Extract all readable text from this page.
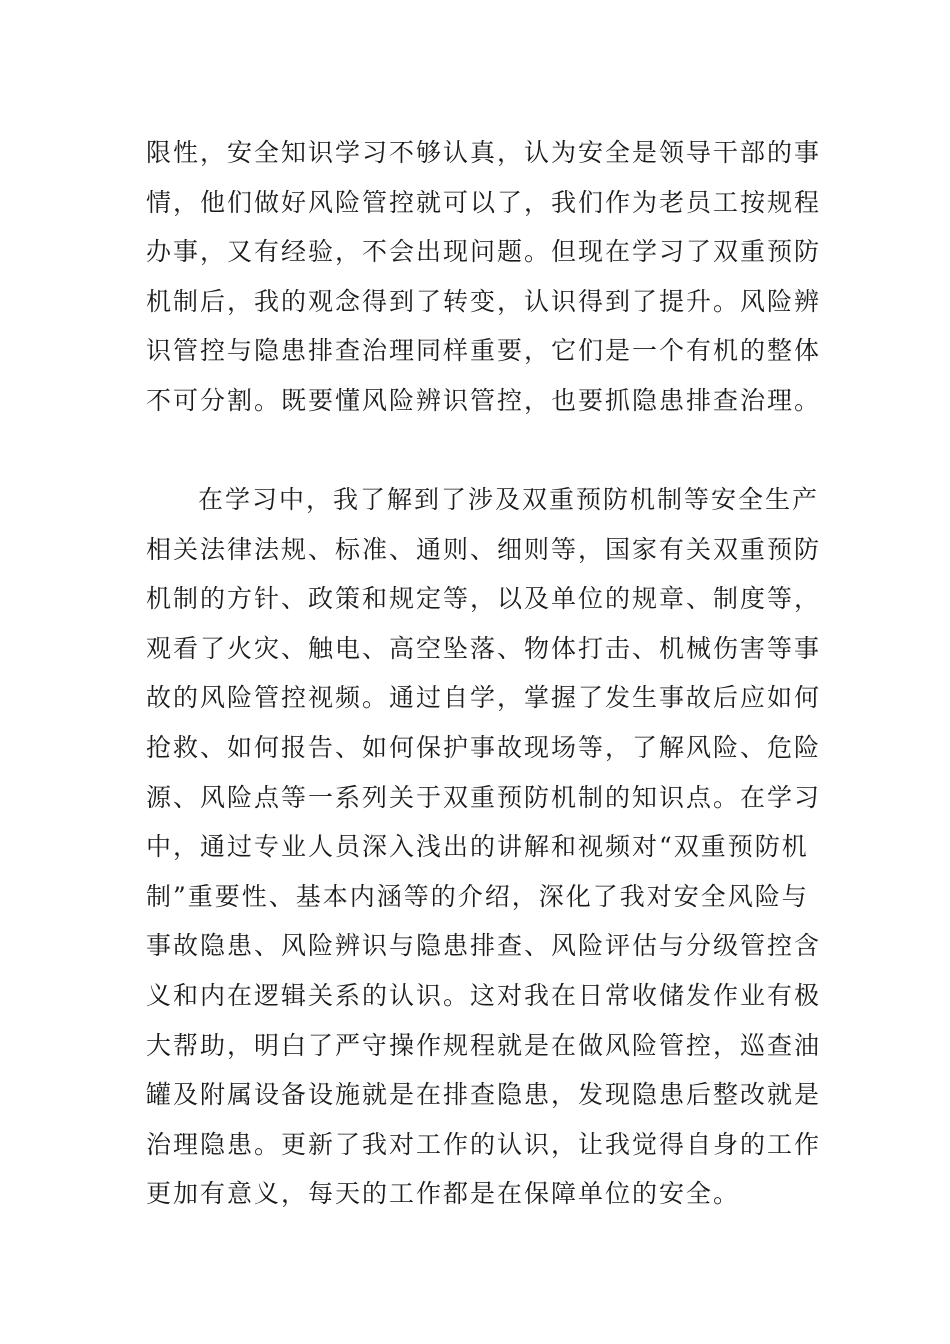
限性，安全知识学习不够认真，认为安全是领导干部的事
情，他们做好风险管控就可以了，我们作为老员工按规程
办事，又有经验，不会出现问题。但现在学习了双重预防
机制后，我的观念得到了转变，认识得到了提升。风险辨
识管控与隐患排查治理同样重要，它们是一个有机的整体
不可分割。既要懂风险辨识管控，也要抓隐患排查治理。
在学习中，我了解到了涉及双重预防机制等安全生产
相关法律法规、标准、通则、细则等，国家有关双重预防
机制的方针、政策和规定等，以及单位的规章、制度等，
观看了火灾、触电、高空坠落、物体打击、机械伤害等事
故的风险管控视频。通过自学，掌握了发生事故后应如何
抢救、如何报告、如何保护事故现场等，了解风险、危险
源、风险点等一系列关于双重预防机制的知识点。在学习
中，通过专业人员深入浅出的讲解和视频对“双重预防机
制”重要性、基本内涵等的介绍，深化了我对安全风险与
事故隐患、风险辨识与隐患排查、风险评估与分级管控含
义和内在逻辑关系的认识。这对我在日常收储发作业有极
大帮助，明白了严守操作规程就是在做风险管控，巡查油
罐及附属设备设施就是在排查隐患，发现隐患后整改就是
治理隐患。更新了我对工作的认识，让我觉得自身的工作
更加有意义，每天的工作都是在保障单位的安全。
